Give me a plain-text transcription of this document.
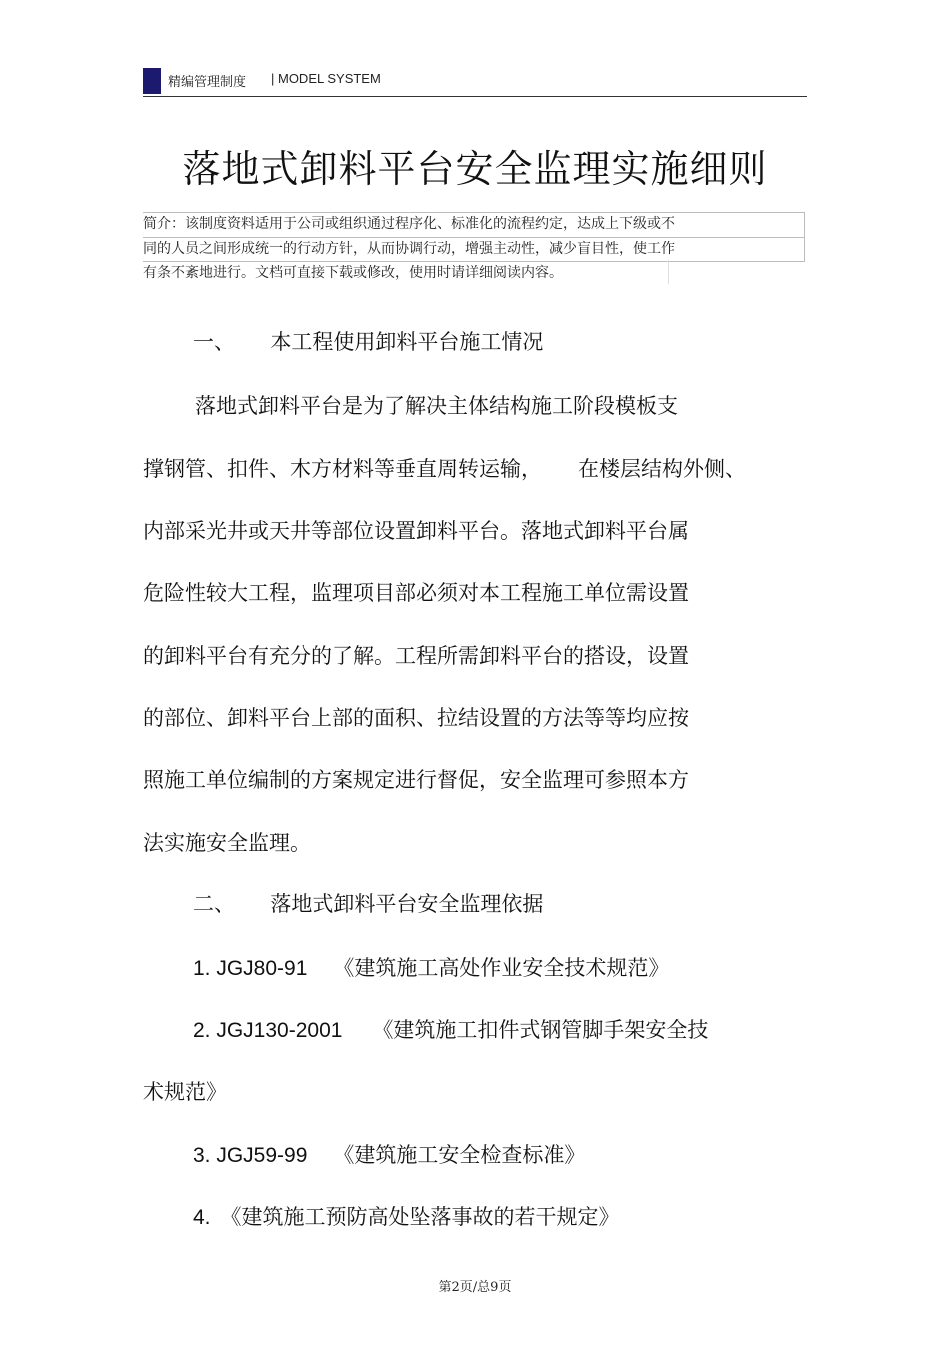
精编管理制度 | MODEL SYSTEM
落地式卸料平台安全监理实施细则
简介：该制度资料适用于公司或组织通过程序化、标准化的流程约定，达成上下级或不
同的人员之间形成统一的行动方针，从而协调行动，增强主动性，减少盲目性，使工作
有条不紊地进行。文档可直接下载或修改，使用时请详细阅读内容。
一、 本工程使用卸料平台施工情况
落地式卸料平台是为了解决主体结构施工阶段模板支
撑钢管、扣件、木方材料等垂直周转运输， 在楼层结构外侧、
内部采光井或天井等部位设置卸料平台。落地式卸料平台属
危险性较大工程，监理项目部必须对本工程施工单位需设置
的卸料平台有充分的了解。工程所需卸料平台的搭设，设置
的部位、卸料平台上部的面积、拉结设置的方法等等均应按
照施工单位编制的方案规定进行督促，安全监理可参照本方
法实施安全监理。
二、 落地式卸料平台安全监理依据
1. JGJ80-91 《建筑施工高处作业安全技术规范》
2. JGJ130-2001 《建筑施工扣件式钢管脚手架安全技
术规范》
3. JGJ59-99 《建筑施工安全检查标准》
4. 《建筑施工预防高处坠落事故的若干规定》
第2页/总9页
